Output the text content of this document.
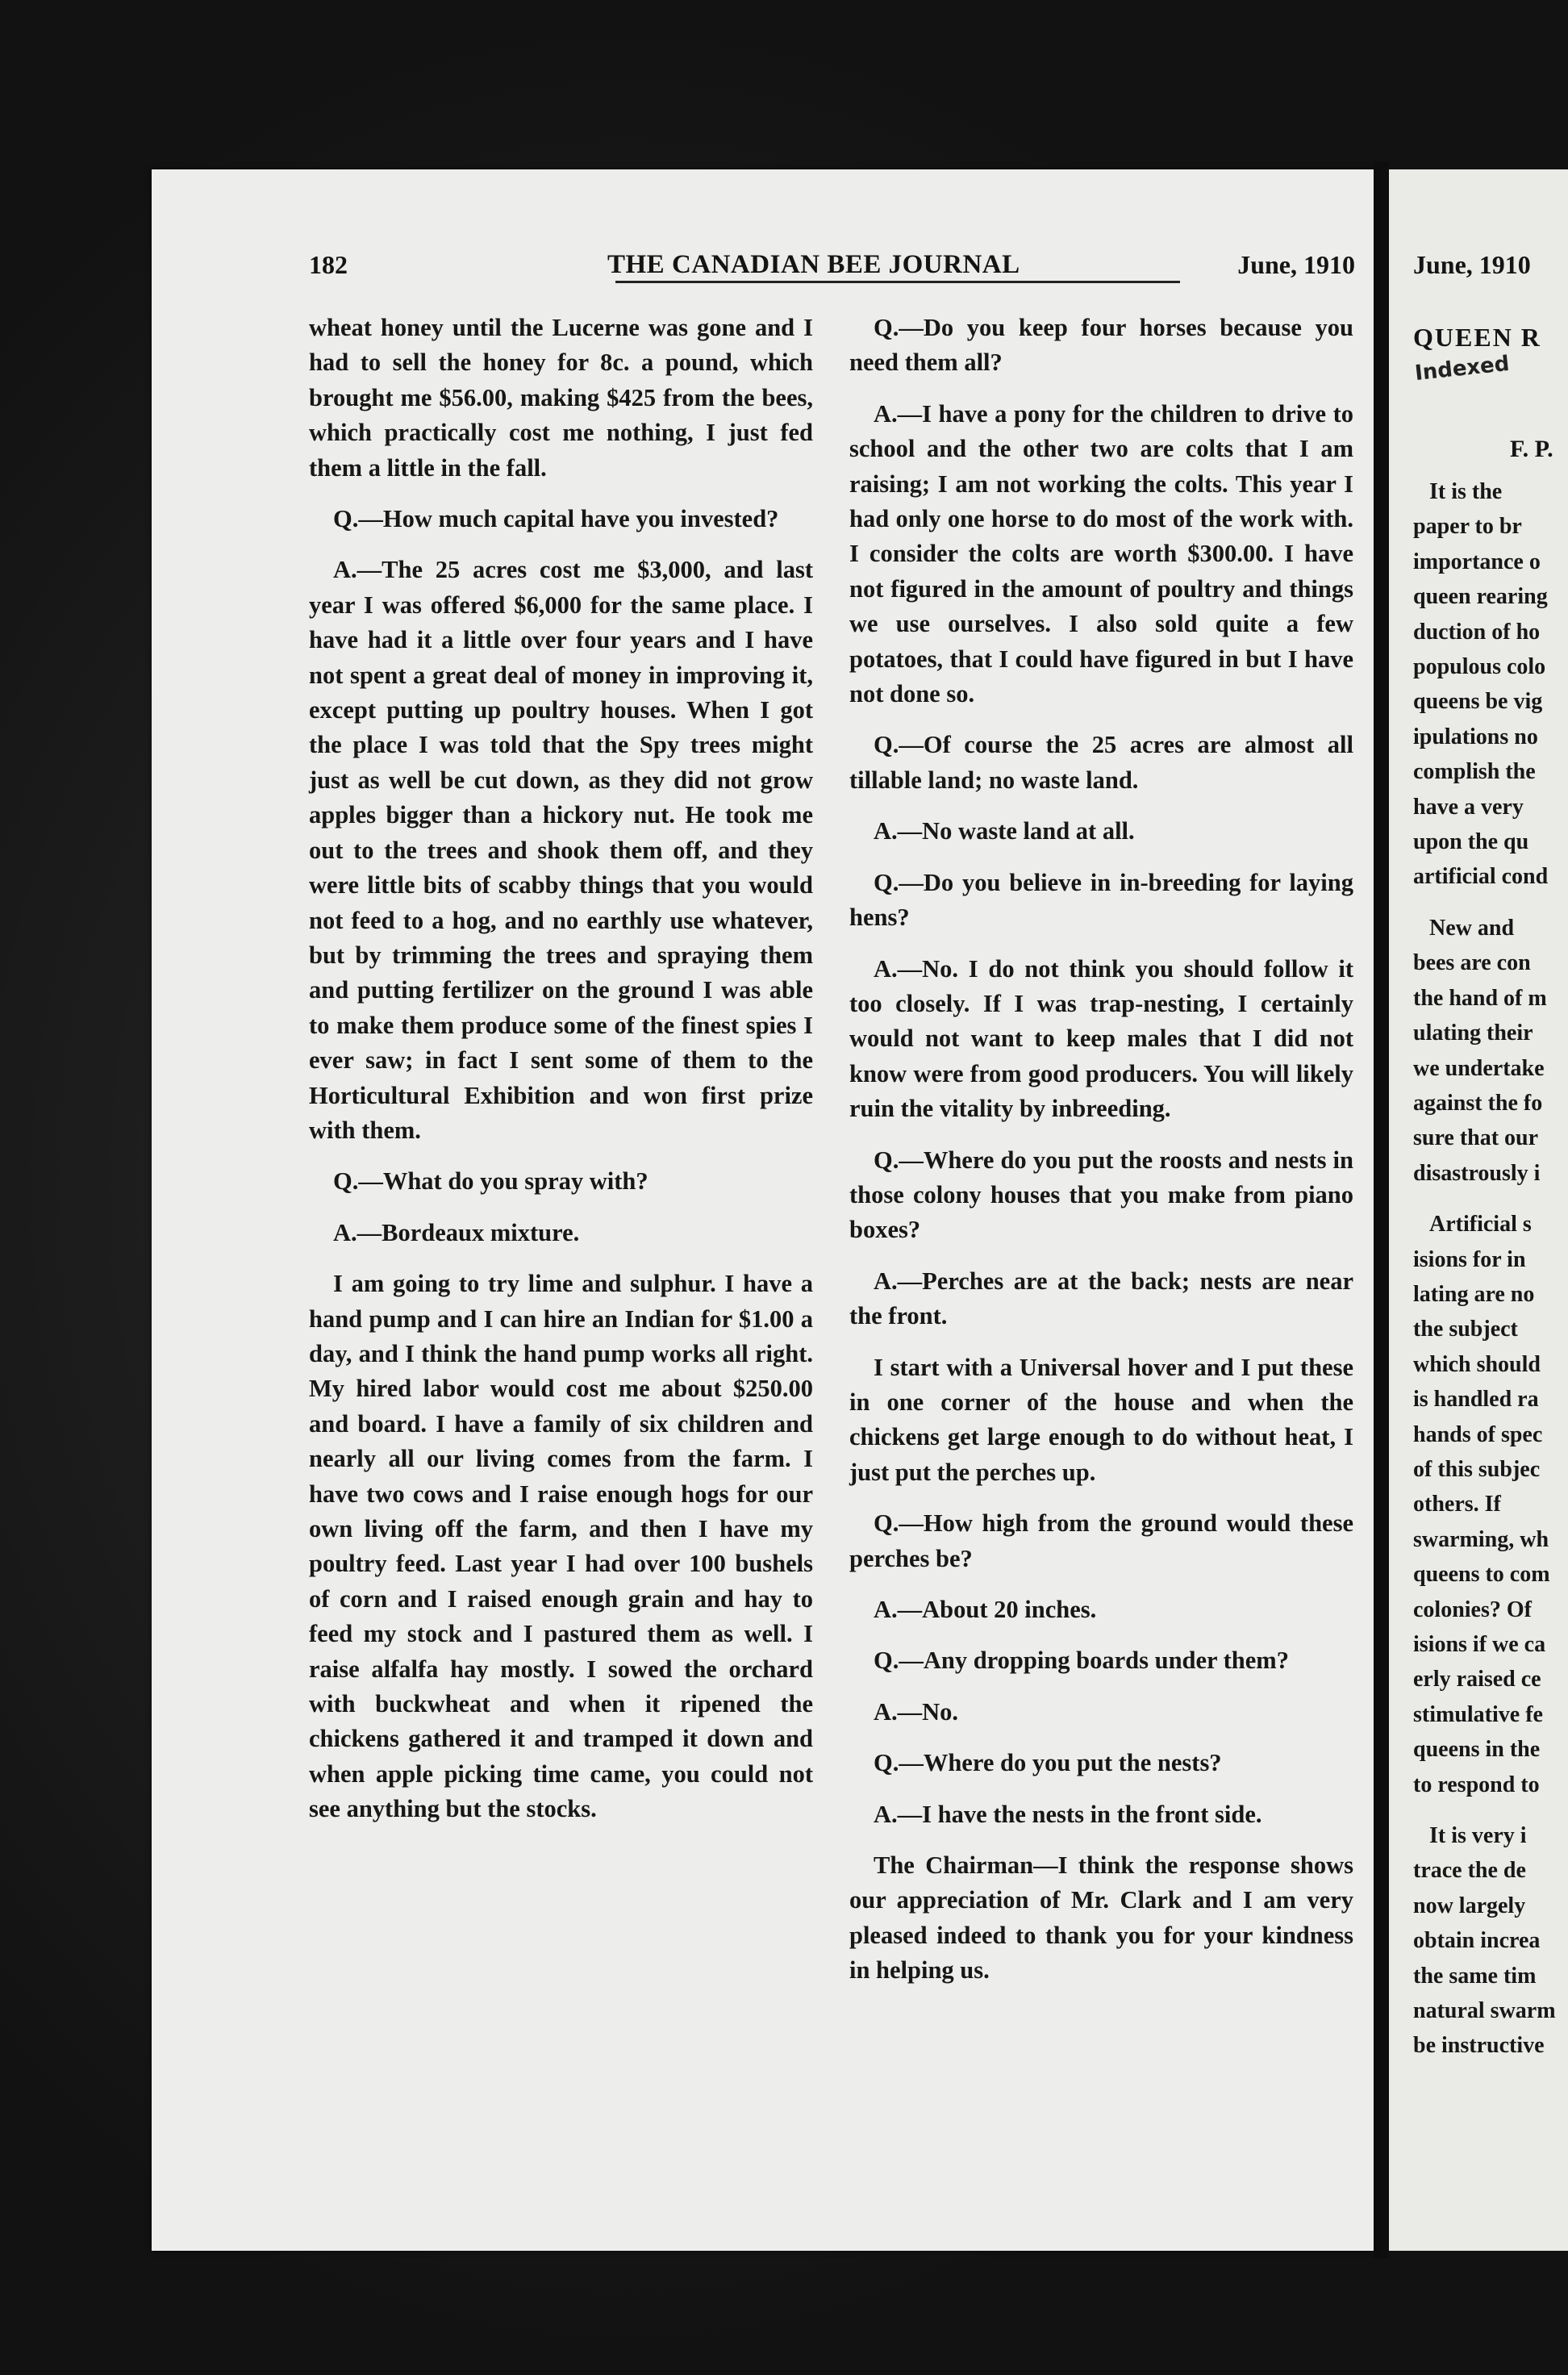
182	THE CANADIAN BEE JOURNAL	June, 1910

wheat honey until the Lucerne was gone and I had to sell the honey for 8c. a pound, which brought me $56.00, making $425 from the bees, which practically cost me nothing, I just fed them a little in the fall.

Q.—How much capital have you invested?

A.—The 25 acres cost me $3,000, and last year I was offered $6,000 for the same place. I have had it a little over four years and I have not spent a great deal of money in improving it, except putting up poultry houses. When I got the place I was told that the Spy trees might just as well be cut down, as they did not grow apples bigger than a hickory nut. He took me out to the trees and shook them off, and they were little bits of scabby things that you would not feed to a hog, and no earthly use whatever, but by trimming the trees and spraying them and putting fertilizer on the ground I was able to make them produce some of the finest spies I ever saw; in fact I sent some of them to the Horticultural Exhibition and won first prize with them.

Q.—What do you spray with?

A.—Bordeaux mixture.

I am going to try lime and sulphur. I have a hand pump and I can hire an Indian for $1.00 a day, and I think the hand pump works all right. My hired labor would cost me about $250.00 and board. I have a family of six children and nearly all our living comes from the farm. I have two cows and I raise enough hogs for our own living off the farm, and then I have my poultry feed. Last year I had over 100 bushels of corn and I raised enough grain and hay to feed my stock and I pastured them as well. I raise alfalfa hay mostly. I sowed the orchard with buckwheat and when it ripened the chickens gathered it and tramped it down and when apple picking time came, you could not see anything but the stocks.

Q.—Do you keep four horses because you need them all?

A.—I have a pony for the children to drive to school and the other two are colts that I am raising; I am not working the colts. This year I had only one horse to do most of the work with. I consider the colts are worth $300.00. I have not figured in the amount of poultry and things we use ourselves. I also sold quite a few potatoes, that I could have figured in but I have not done so.

Q.—Of course the 25 acres are almost all tillable land; no waste land.

A.—No waste land at all.

Q.—Do you believe in in-breeding for laying hens?

A.—No. I do not think you should follow it too closely. If I was trap-nesting, I certainly would not want to keep males that I did not know were from good producers. You will likely ruin the vitality by inbreeding.

Q.—Where do you put the roosts and nests in those colony houses that you make from piano boxes?

A.—Perches are at the back; nests are near the front.

I start with a Universal hover and I put these in one corner of the house and when the chickens get large enough to do without heat, I just put the perches up.

Q.—How high from the ground would these perches be?

A.—About 20 inches.

Q.—Any dropping boards under them?

A.—No.

Q.—Where do you put the nests?

A.—I have the nests in the front side.

The Chairman—I think the response shows our appreciation of Mr. Clark and I am very pleased indeed to thank you for your kindness in helping us.

June, 1910
QUEEN R
Indexed
F. P.
It is the
paper to br
importance o
queen rearing
duction of ho
populous colo
queens be vig
ipulations no
complish the
have a very
upon the qu
artificial cond
New and
bees are con
the hand of m
ulating their
we undertake
against the fo
sure that our
disastrously i
Artificial s
isions for in
lating are no
the subject
which should
is handled ra
hands of spec
of this subjec
others. If
swarming, wh
queens to com
colonies? Of
isions if we ca
erly raised ce
stimulative fe
queens in the
to respond to
It is very i
trace the de
now largely
obtain increa
the same tim
natural swarm
be instructive
